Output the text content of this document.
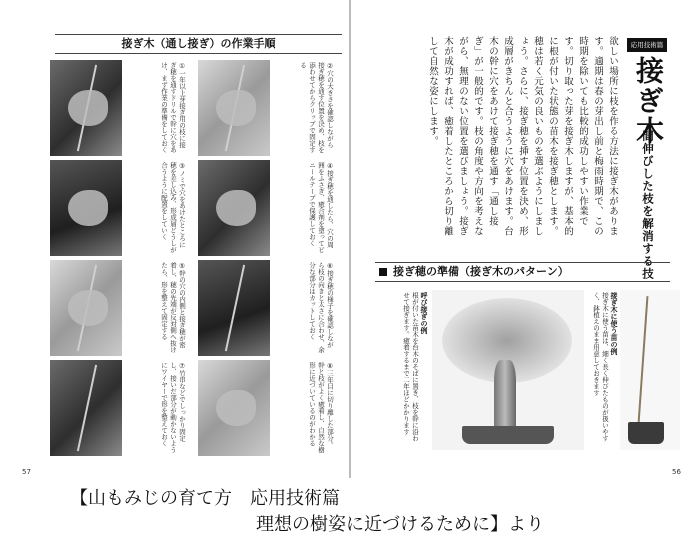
接ぎ木（通し接ぎ）の作業手順
①一年以上芽接ぎ用の枝に接ぎ穂を通すドリルで幹に穴をあけ、まず作業の準備をしておく	②穴の大きさを確認しながら接ぎ穂を通す位置を決め、枝を添わせてからクリップで固定する
③ノミで穴をあけたところに穂を差し込み、形成層どうしが合うように配置をしていく	④接ぎ穂を通したら、穴の周囲をふさぎ、癒合剤を塗ってビニールテープで保護しておく
⑤幹の穴の内側と接ぎ穂が密着し、穂の先端が反対側へ抜けたら、形を整えて固定する	⑥接ぎ穂の様子を確認しながら枝の向きと太さに合わせ、余分な部分はカットしておく
⑦竹串などでしっかり固定し、接いだ部分が動かないようにワイヤーで形を整えておく	⑧三年目に切り離した部分。幹と枝がよく癒着し、自然な樹形に近づいているのがわかる
57
応用技術篇
接ぎ木
間伸びした枝を解消する技
欲しい場所に枝を作る方法に接ぎ木があります。適期は春の芽出し前と梅雨時期で、この時期を除いても比較的成功しやすい作業です。切り取った芽を接ぎ木しますが、基本的に根が付いた状態の苗木を接ぎ穂とします。穂は若く元気の良いものを選ぶようにしましょう。さらに、接ぎ穂を挿す位置を決め、形成層がきちんと合うように穴をあけます。台木の幹に穴をあけて接ぎ穂を通す「通し接ぎ」が一般的です。枝の角度や方向を考えながら、無理のない位置を選びましょう。接ぎ木が成功すれば、癒着したところから切り離して自然な姿にします。
接ぎ穂の準備（接ぎ木のパターン）
呼び接ぎの例
根が付いた苗木を台木のそばに置き、枝を幹に沿わせて接ぎます。癒着するまで二年ほどかかります	接ぎ木に使う苗の例
接ぎ木に使う苗は、細く長く伸びたものが扱いやすく、鉢植えのまま用意しておきます
56
【山もみじの育て方　応用技術篇
理想の樹姿に近づけるために】より
